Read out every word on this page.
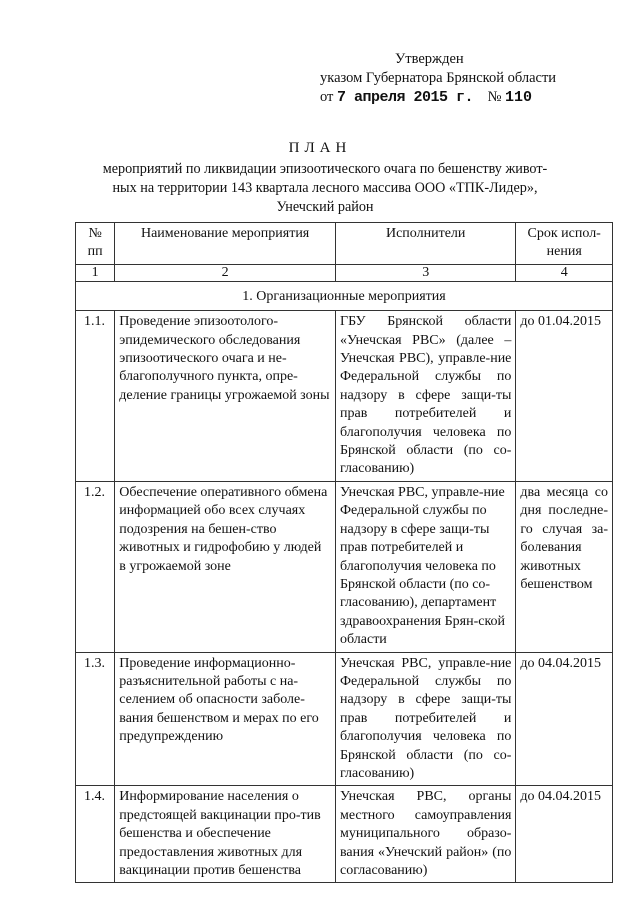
Утвержден
указом Губернатора Брянской области
от 7 апреля 2015 г. № 110
ПЛАН
мероприятий по ликвидации эпизоотического очага по бешенству живот-
ных на территории 143 квартала лесного массива ООО «ТПК-Лидер»,
Унечский район
№ пп	Наименование мероприятия	Исполнители	Срок испол-нения
1	2	3	4
1. Организационные мероприятия			
1.1.	Проведение эпизоотолого-эпидемического обследования эпизоотического очага и не-благополучного пункта, опре-деление границы угрожаемой зоны	ГБУ Брянской области «Унечская РВС» (далее – Унечская РВС), управле-ние Федеральной службы по надзору в сфере защи-ты прав потребителей и благополучия человека по Брянской области (по со-гласованию)	до 01.04.2015
1.2.	Обеспечение оперативного обмена информацией обо всех случаях подозрения на бешен-ство животных и гидрофобию у людей в угрожаемой зоне	Унечская РВС, управле-ние Федеральной службы по надзору в сфере защи-ты прав потребителей и благополучия человека по Брянской области (по со-гласованию), департамент здравоохранения Брян-ской области	два месяца со дня последне-го случая за-болевания животных бешенством
1.3.	Проведение информационно-разъяснительной работы с на-селением об опасности заболе-вания бешенством и мерах по его предупреждению	Унечская РВС, управле-ние Федеральной службы по надзору в сфере защи-ты прав потребителей и благополучия человека по Брянской области (по со-гласованию)	до 04.04.2015
1.4.	Информирование населения о предстоящей вакцинации про-тив бешенства и обеспечение предоставления животных для вакцинации против бешенства	Унечская РВС, органы местного самоуправления муниципального образо-вания «Унечский район» (по согласованию)	до 04.04.2015
